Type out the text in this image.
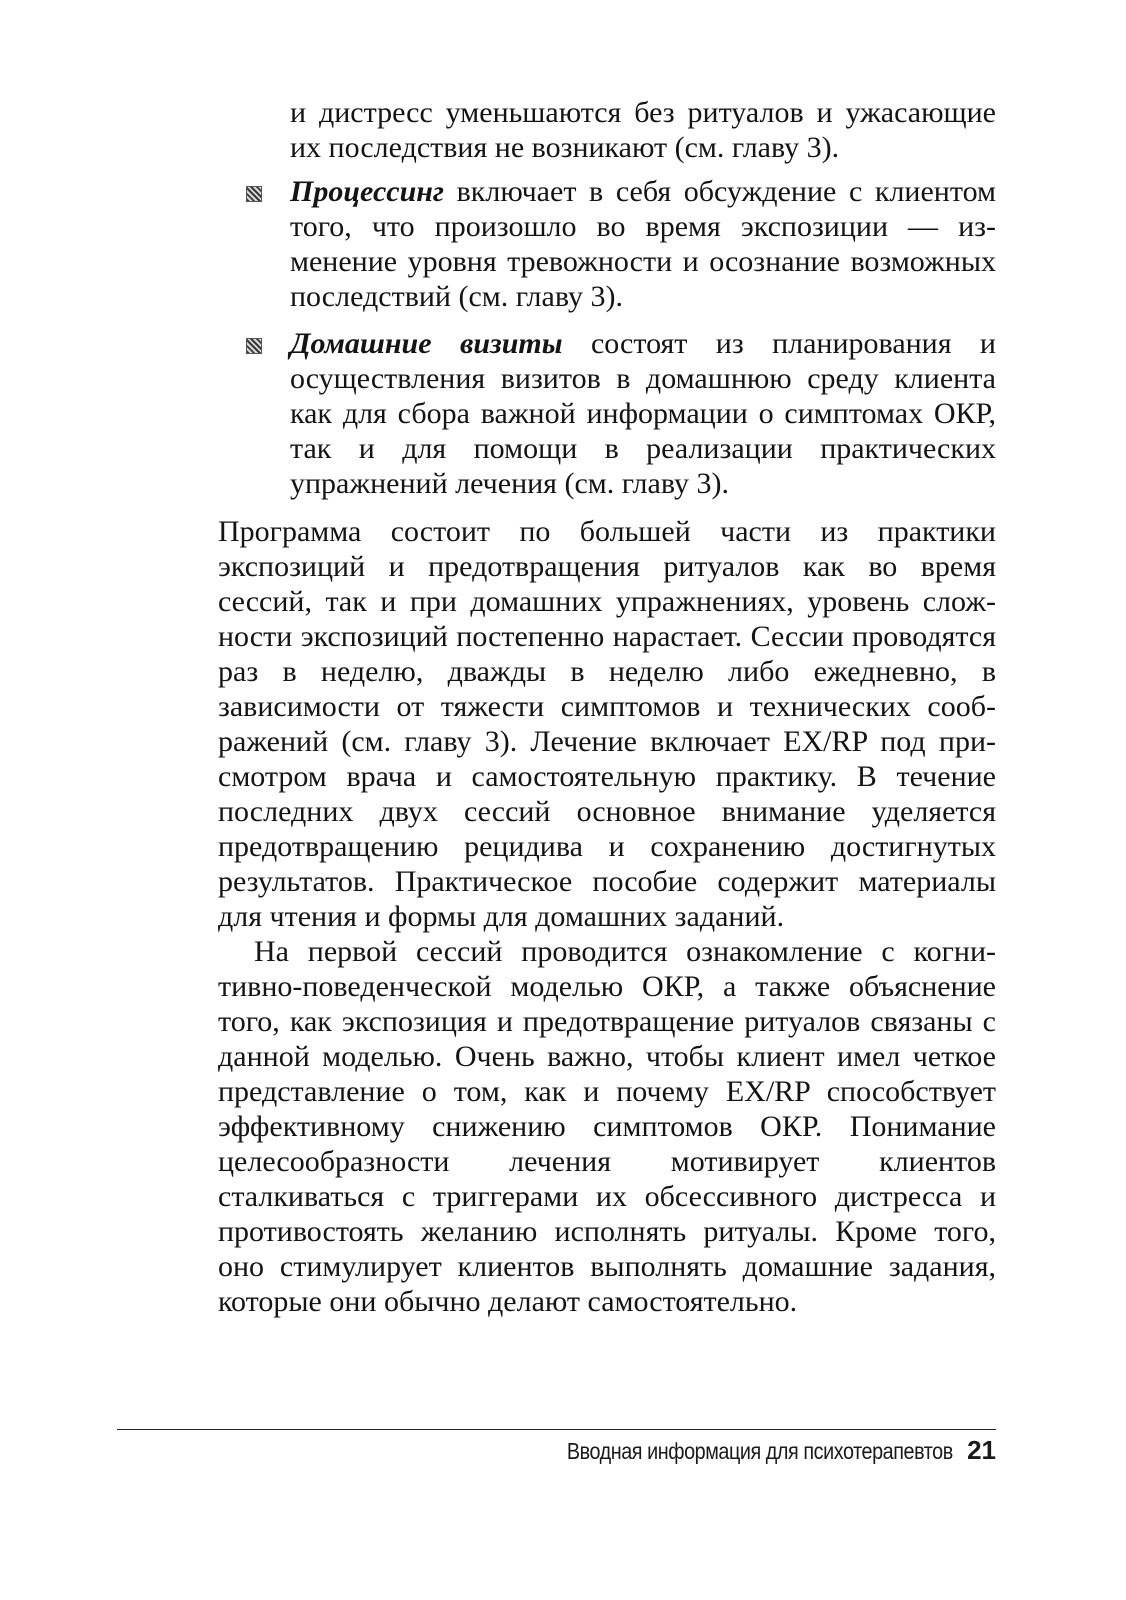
и дистресс уменьшаются без ритуалов и ужасающие их последствия не возникают (см. главу 3).

Процессинг включает в себя обсуждение с клиентом того, что произошло во время экспозиции — изменение уровня тревожности и осознание возможных последствий (см. главу 3).

Домашние визиты состоят из планирования и осуществления визитов в домашнюю среду клиента как для сбора важной информации о симптомах ОКР, так и для помощи в реализации практических упражнений лечения (см. главу 3).

Программа состоит по большей части из практики экспозиций и предотвращения ритуалов как во время сессий, так и при домашних упражнениях, уровень сложности экспозиций постепенно нарастает. Сессии проводятся раз в неделю, дважды в неделю либо ежедневно, в зависимости от тяжести симптомов и технических соображений (см. главу 3). Лечение включает EX/RP под присмотром врача и самостоятельную практику. В течение последних двух сессий основное внимание уделяется предотвращению рецидива и сохранению достигнутых результатов. Практическое пособие содержит материалы для чтения и формы для домашних заданий.

На первой сессий проводится ознакомление с когнитивно-поведенческой моделью ОКР, а также объяснение того, как экспозиция и предотвращение ритуалов связаны с данной моделью. Очень важно, чтобы клиент имел четкое представление о том, как и почему EX/RP способствует эффективному снижению симптомов ОКР. Понимание целесообразности лечения мотивирует клиентов сталкиваться с триггерами их обсессивного дистресса и противостоять желанию исполнять ритуалы. Кроме того, оно стимулирует клиентов выполнять домашние задания, которые они обычно делают самостоятельно.

Вводная информация для психотерапевтов 21
